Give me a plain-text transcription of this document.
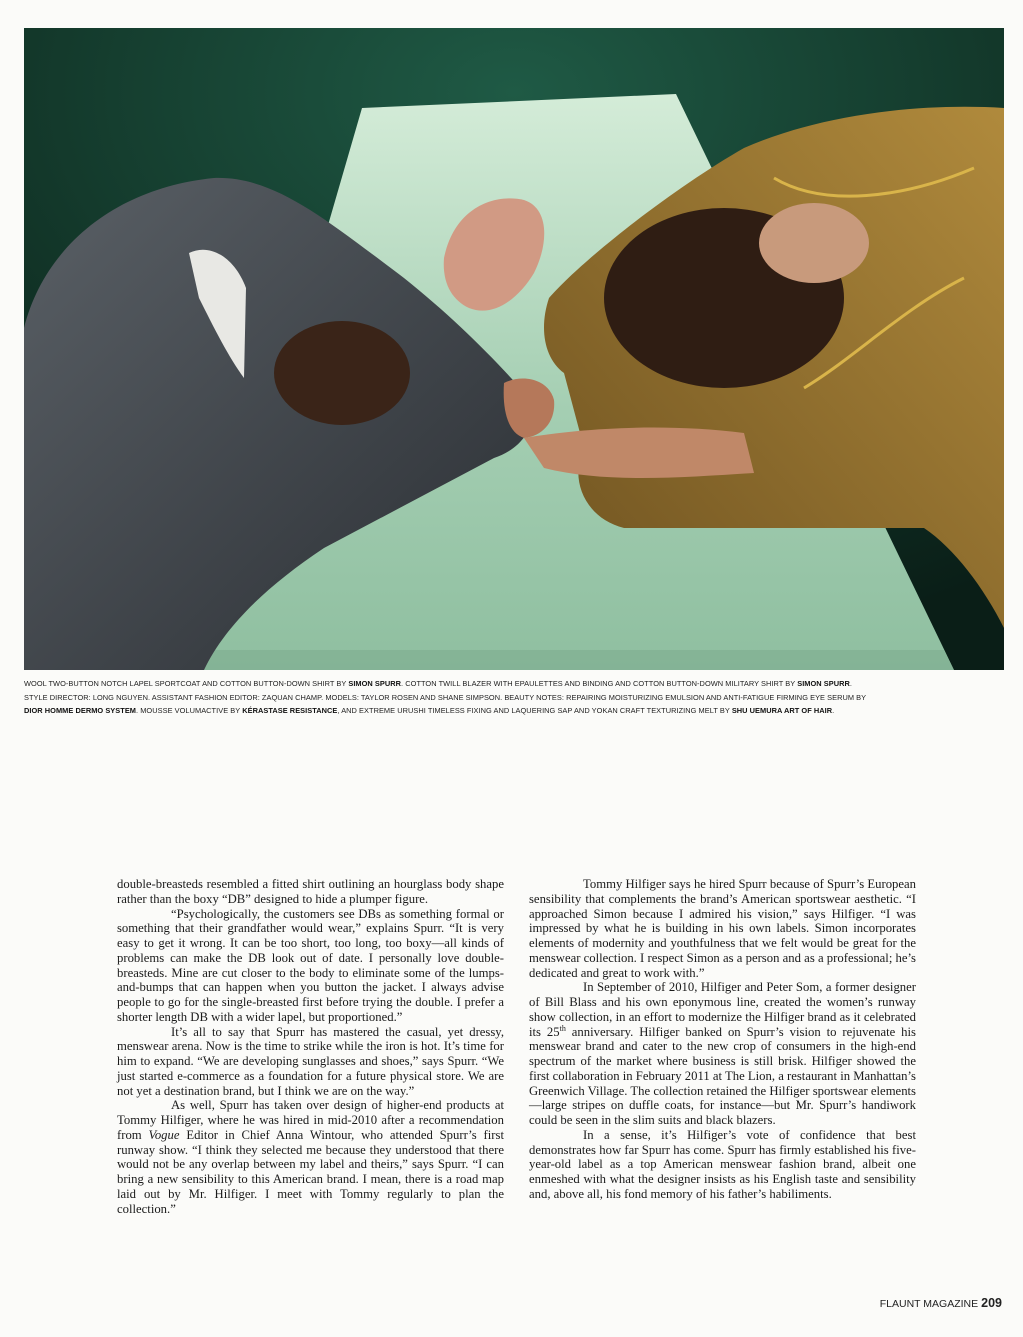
WOOL TWO-BUTTON NOTCH LAPEL SPORTCOAT AND COTTON BUTTON-DOWN SHIRT BY SIMON SPURR. COTTON TWILL BLAZER WITH EPAULETTES AND BINDING AND COTTON BUTTON-DOWN MILITARY SHIRT BY SIMON SPURR.
STYLE DIRECTOR: LONG NGUYEN. ASSISTANT FASHION EDITOR: ZAQUAN CHAMP. MODELS: TAYLOR ROSEN AND SHANE SIMPSON. BEAUTY NOTES: REPAIRING MOISTURIZING EMULSION AND ANTI-FATIGUE FIRMING EYE SERUM BY
DIOR HOMME DERMO SYSTEM. MOUSSE VOLUMACTIVE BY KÉRASTASE RESISTANCE, AND EXTREME URUSHI TIMELESS FIXING AND LAQUERING SAP AND YOKAN CRAFT TEXTURIZING MELT BY SHU UEMURA ART OF HAIR.

double-breasteds resembled a fitted shirt outlining an hourglass body shape rather than the boxy “DB” designed to hide a plumper figure.

“Psychologically, the customers see DBs as something formal or something that their grandfather would wear,” explains Spurr. “It is very easy to get it wrong. It can be too short, too long, too boxy—all kinds of problems can make the DB look out of date. I personally love double-breasteds. Mine are cut closer to the body to eliminate some of the lumps-and-bumps that can happen when you button the jacket. I always advise people to go for the single-breasted first before trying the double. I prefer a shorter length DB with a wider lapel, but proportioned.”

It’s all to say that Spurr has mastered the casual, yet dressy, menswear arena. Now is the time to strike while the iron is hot. It’s time for him to expand. “We are developing sunglasses and shoes,” says Spurr. “We just started e-commerce as a foundation for a future physical store. We are not yet a destination brand, but I think we are on the way.”

As well, Spurr has taken over design of higher-end products at Tommy Hilfiger, where he was hired in mid-2010 after a recommendation from Vogue Editor in Chief Anna Wintour, who attended Spurr’s first runway show. “I think they selected me because they understood that there would not be any overlap between my label and theirs,” says Spurr. “I can bring a new sensibility to this American brand. I mean, there is a road map laid out by Mr. Hilfiger. I meet with Tommy regularly to plan the collection.”

Tommy Hilfiger says he hired Spurr because of Spurr’s European sensibility that complements the brand’s American sportswear aesthetic. “I approached Simon because I admired his vision,” says Hilfiger. “I was impressed by what he is building in his own labels. Simon incorporates elements of modernity and youthfulness that we felt would be great for the menswear collection. I respect Simon as a person and as a professional; he’s dedicated and great to work with.”

In September of 2010, Hilfiger and Peter Som, a former designer of Bill Blass and his own eponymous line, created the women’s runway show collection, in an effort to modernize the Hilfiger brand as it celebrated its 25th anniversary. Hilfiger banked on Spurr’s vision to rejuvenate his menswear brand and cater to the new crop of consumers in the high-end spectrum of the market where business is still brisk. Hilfiger showed the first collaboration in February 2011 at The Lion, a restaurant in Manhattan’s Greenwich Village. The collection retained the Hilfiger sportswear elements—large stripes on duffle coats, for instance—but Mr. Spurr’s handiwork could be seen in the slim suits and black blazers.

In a sense, it’s Hilfiger’s vote of confidence that best demonstrates how far Spurr has come. Spurr has firmly established his five-year-old label as a top American menswear fashion brand, albeit one enmeshed with what the designer insists as his English taste and sensibility and, above all, his fond memory of his father’s habiliments.

FLAUNT MAGAZINE 209
